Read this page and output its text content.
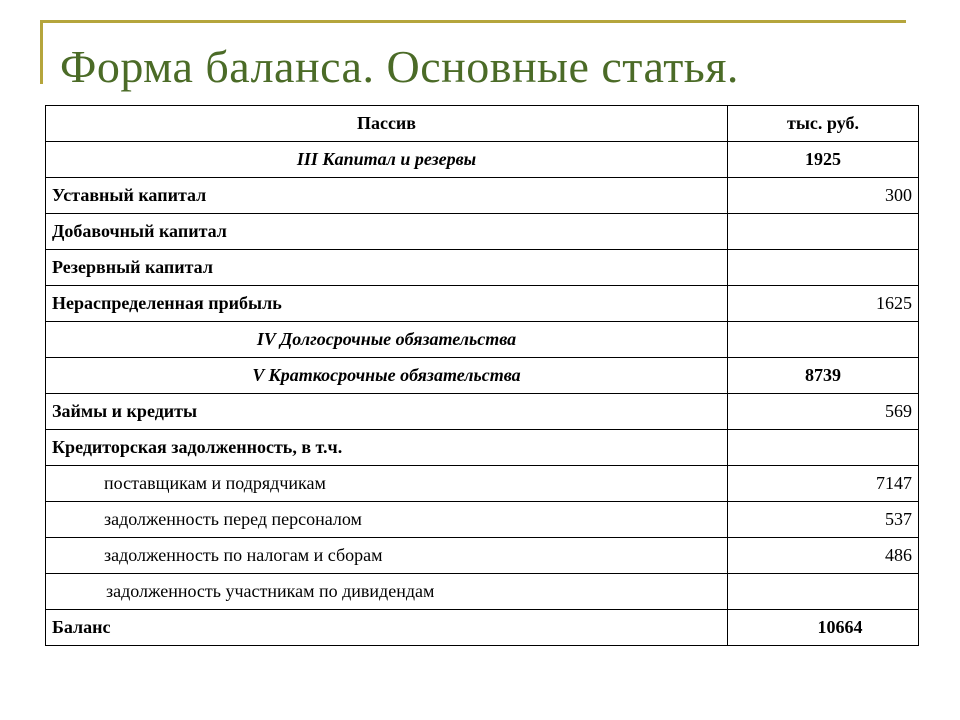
Форма баланса. Основные статья.
Пассив	тыс. руб.
III Капитал и резервы	1925
Уставный капитал	300
Добавочный капитал	
Резервный капитал	
Нераспределенная прибыль	1625
IV Долгосрочные обязательства	
V Краткосрочные обязательства	8739
Займы и кредиты	569
Кредиторская задолженность, в т.ч.	
поставщикам и подрядчикам	7147
задолженность перед персоналом	537
задолженность по налогам и сборам	486
задолженность участникам по дивидендам	
Баланс	10664
